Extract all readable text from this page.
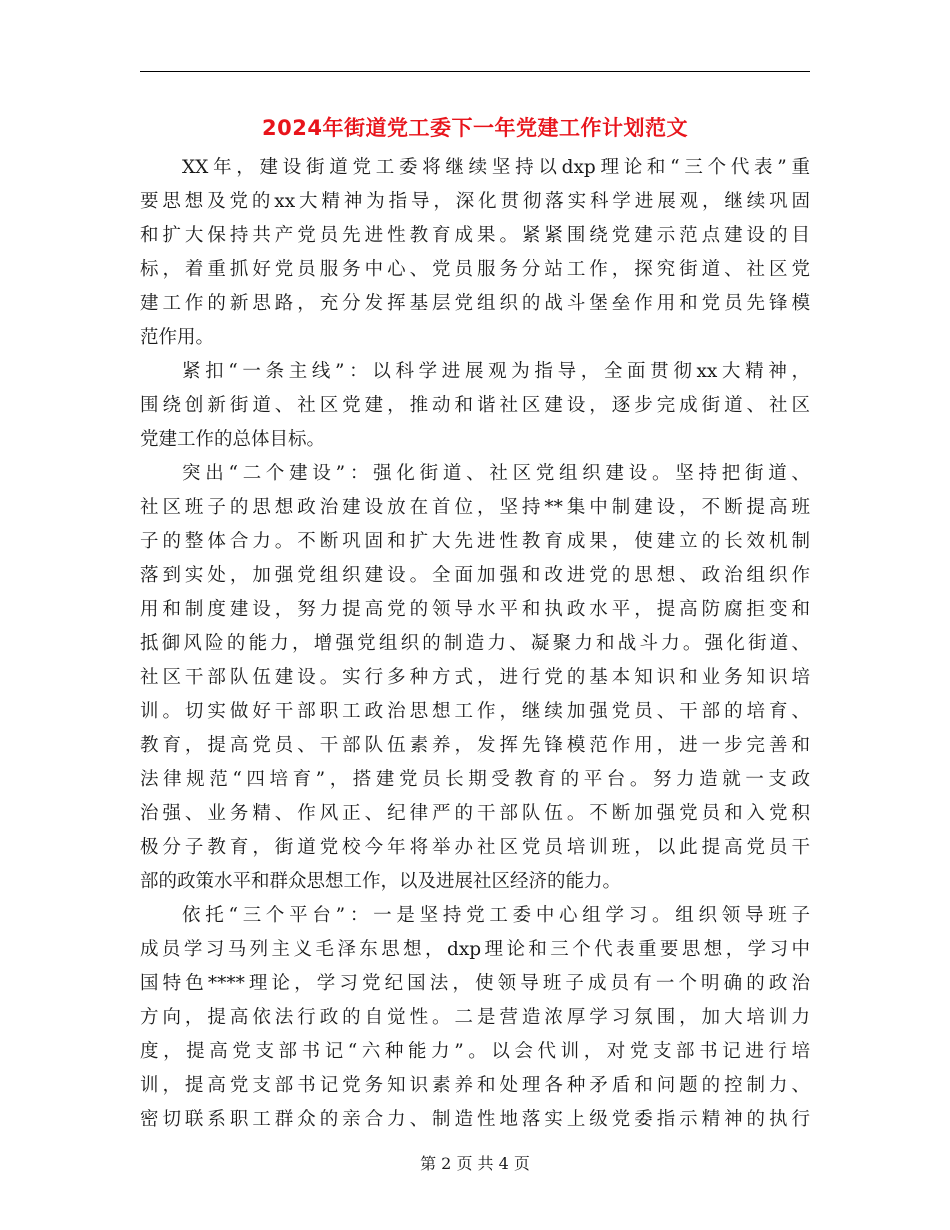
2024年街道党工委下一年党建工作计划范文
XX年，建设街道党工委将继续坚持以dxp理论和“三个代表”重
要思想及党的xx大精神为指导，深化贯彻落实科学进展观，继续巩固
和扩大保持共产党员先进性教育成果。紧紧围绕党建示范点建设的目
标，着重抓好党员服务中心、党员服务分站工作，探究街道、社区党
建工作的新思路，充分发挥基层党组织的战斗堡垒作用和党员先锋模
范作用。
紧扣“一条主线”：以科学进展观为指导，全面贯彻xx大精神，
围绕创新街道、社区党建，推动和谐社区建设，逐步完成街道、社区
党建工作的总体目标。
突出“二个建设”：强化街道、社区党组织建设。坚持把街道、
社区班子的思想政治建设放在首位，坚持**集中制建设，不断提高班
子的整体合力。不断巩固和扩大先进性教育成果，使建立的长效机制
落到实处，加强党组织建设。全面加强和改进党的思想、政治组织作
用和制度建设，努力提高党的领导水平和执政水平，提高防腐拒变和
抵御风险的能力，增强党组织的制造力、凝聚力和战斗力。强化街道、
社区干部队伍建设。实行多种方式，进行党的基本知识和业务知识培
训。切实做好干部职工政治思想工作，继续加强党员、干部的培育、
教育，提高党员、干部队伍素养，发挥先锋模范作用，进一步完善和
法律规范“四培育”，搭建党员长期受教育的平台。努力造就一支政
治强、业务精、作风正、纪律严的干部队伍。不断加强党员和入党积
极分子教育，街道党校今年将举办社区党员培训班，以此提高党员干
部的政策水平和群众思想工作，以及进展社区经济的能力。
依托“三个平台”：一是坚持党工委中心组学习。组织领导班子
成员学习马列主义毛泽东思想，dxp理论和三个代表重要思想，学习中
国特色****理论，学习党纪国法，使领导班子成员有一个明确的政治
方向，提高依法行政的自觉性。二是营造浓厚学习氛围，加大培训力
度，提高党支部书记“六种能力”。以会代训，对党支部书记进行培
训，提高党支部书记党务知识素养和处理各种矛盾和问题的控制力、
密切联系职工群众的亲合力、制造性地落实上级党委指示精神的执行
第 2 页 共 4 页
